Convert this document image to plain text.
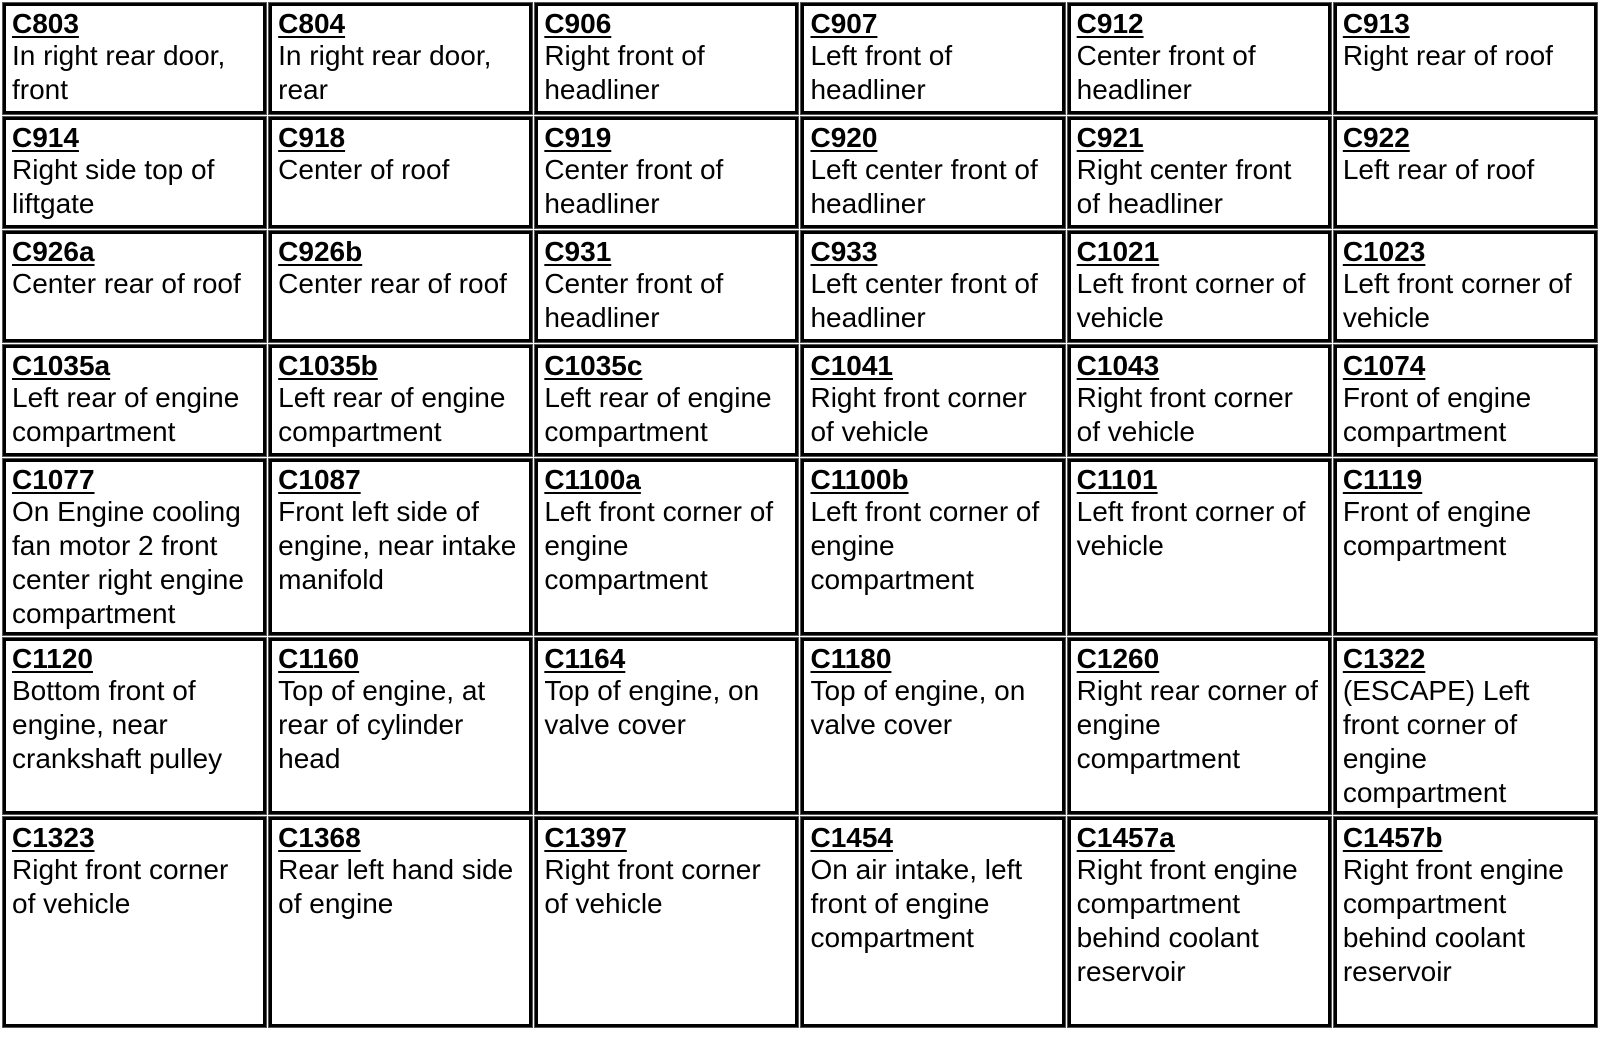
C803
In right rear door, front
C804
In right rear door, rear
C906
Right front of headliner
C907
Left front of headliner
C912
Center front of headliner
C913
Right rear of roof
C914
Right side top of liftgate
C918
Center of roof
C919
Center front of headliner
C920
Left center front of headliner
C921
Right center front of headliner
C922
Left rear of roof
C926a
Center rear of roof
C926b
Center rear of roof
C931
Center front of headliner
C933
Left center front of headliner
C1021
Left front corner of vehicle
C1023
Left front corner of vehicle
C1035a
Left rear of engine compartment
C1035b
Left rear of engine compartment
C1035c
Left rear of engine compartment
C1041
Right front corner of vehicle
C1043
Right front corner of vehicle
C1074
Front of engine compartment
C1077
On Engine cooling fan motor 2 front center right engine compartment
C1087
Front left side of engine, near intake manifold
C1100a
Left front corner of engine compartment
C1100b
Left front corner of engine compartment
C1101
Left front corner of vehicle
C1119
Front of engine compartment
C1120
Bottom front of engine, near crankshaft pulley
C1160
Top of engine, at rear of cylinder head
C1164
Top of engine, on valve cover
C1180
Top of engine, on valve cover
C1260
Right rear corner of engine compartment
C1322
(ESCAPE) Left front corner of engine compartment
C1323
Right front corner of vehicle
C1368
Rear left hand side of engine
C1397
Right front corner of vehicle
C1454
On air intake, left front of engine compartment
C1457a
Right front engine compartment behind coolant reservoir
C1457b
Right front engine compartment behind coolant reservoir
